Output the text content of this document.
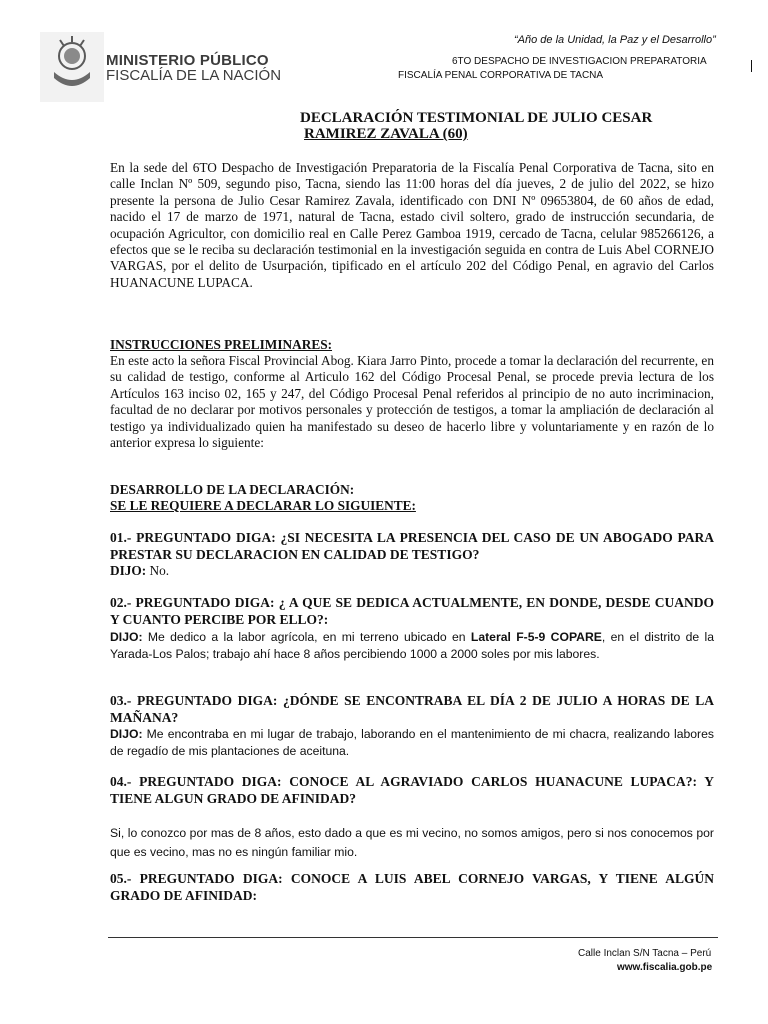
MINISTERIO PÚBLICO
FISCALÍA DE LA NACIÓN
“Año de la Unidad, la Paz y el Desarrollo”
6TO DESPACHO DE INVESTIGACION PREPARATORIA
FISCALÍA PENAL CORPORATIVA DE TACNA
DECLARACIÓN TESTIMONIAL DE JULIO CESAR
RAMIREZ ZAVALA (60)
En la sede del 6TO Despacho de Investigación Preparatoria de la Fiscalía Penal Corporativa de Tacna, sito en calle Inclan Nº 509, segundo piso, Tacna, siendo las 11:00 horas del día jueves, 2 de julio del 2022, se hizo presente la persona de Julio Cesar Ramirez Zavala, identificado con DNI Nº 09653804, de 60 años de edad, nacido el 17 de marzo de 1971, natural de Tacna, estado civil soltero, grado de instrucción secundaria, de ocupación Agricultor, con domicilio real en Calle Perez Gamboa 1919, cercado de Tacna, celular 985266126, a efectos que se le reciba su declaración testimonial en la investigación seguida en contra de Luis Abel CORNEJO VARGAS, por el delito de Usurpación, tipificado en el artículo 202 del Código Penal, en agravio del Carlos HUANACUNE LUPACA.
INSTRUCCIONES PRELIMINARES:
En este acto la señora Fiscal Provincial Abog. Kiara Jarro Pinto, procede a tomar la declaración del recurrente, en su calidad de testigo, conforme al Articulo 162 del Código Procesal Penal, se procede previa lectura de los Artículos 163 inciso 02, 165 y 247, del Código Procesal Penal referidos al principio de no auto incriminacion, facultad de no declarar por motivos personales y protección de testigos, a tomar la ampliación de declaración al testigo ya individualizado quien ha manifestado su deseo de hacerlo libre y voluntariamente y en razón de lo anterior expresa lo siguiente:
DESARROLLO DE LA DECLARACIÓN:
SE LE REQUIERE A DECLARAR LO SIGUIENTE:
01.- PREGUNTADO DIGA: ¿SI NECESITA LA PRESENCIA DEL CASO DE UN ABOGADO PARA PRESTAR SU DECLARACION EN CALIDAD DE TESTIGO?
DIJO: No.
02.- PREGUNTADO DIGA: ¿ A QUE SE DEDICA ACTUALMENTE, EN DONDE, DESDE CUANDO Y CUANTO PERCIBE POR ELLO?:
DIJO: Me dedico a la labor agrícola, en mi terreno ubicado en Lateral F-5-9 COPARE, en el distrito de la Yarada-Los Palos; trabajo ahí hace 8 años percibiendo 1000 a 2000 soles por mis labores.
03.- PREGUNTADO DIGA: ¿DÓNDE SE ENCONTRABA EL DÍA 2 DE JULIO A HORAS DE LA MAÑANA?
DIJO: Me encontraba en mi lugar de trabajo, laborando en el mantenimiento de mi chacra, realizando labores de regadío de mis plantaciones de aceituna.
04.- PREGUNTADO DIGA: CONOCE AL AGRAVIADO CARLOS HUANACUNE LUPACA?: Y TIENE ALGUN GRADO DE AFINIDAD?
Si, lo conozco por mas de 8 años, esto dado a que es mi vecino, no somos amigos, pero si nos conocemos por que es vecino, mas no es ningún familiar mio.
05.- PREGUNTADO DIGA: CONOCE A LUIS ABEL CORNEJO VARGAS, Y TIENE ALGÚN GRADO DE AFINIDAD:
Calle Inclan S/N Tacna – Perú
www.fiscalia.gob.pe
